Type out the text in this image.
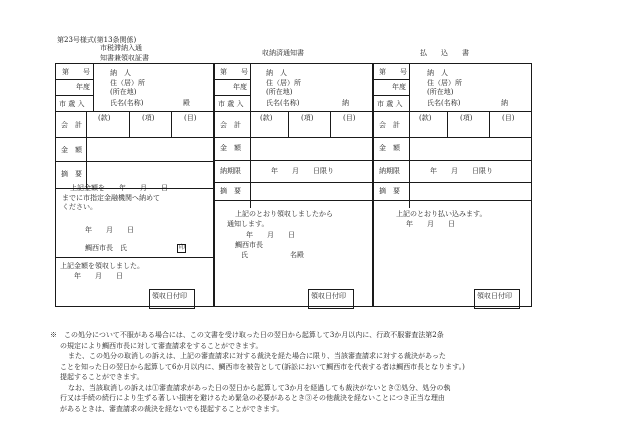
第23号様式(第13条関係)
市税滞納入通
知書兼領収証書
収納済通知書	払　　込　　書
第　　号
年度
市 歳 入
納　人
住（居）所
(所在地)
氏名(名称)	殿
会　計
(款)	(項)	(目)
金　額
摘　要
上記金額を　　年　　月　　日
までに市指定金融機関へ納めて
ください。
年　　月　　日
鯛西市長　氏	印
上記金額を領収しました。
年　　月　　日
領収日付印
第　　号
年度
市 歳 入
納　人
住（居）所
(所在地)
氏名(名称)	納
会　計
(款)	(項)	(目)
金　額
納期限	年　　月　　日限り
摘　要
上記のとおり領収しましたから
通知します。
年　　月　　日
鯛西市長
氏　　　　　　名殿
領収日付印
第　　号
年度
市 歳 入
納　人
住（居）所
(所在地)
氏名(名称)	納
会　計
(款)	(項)	(目)
金　額
納期限	年　　月　　日限り
摘　要
上記のとおり払い込みます。
年　　月　　日
領収日付印

※　この処分について不服がある場合には、この文書を受け取った日の翌日から起算して3か月以内に、行政不服審査法第2条

の規定により鯛西市長に対して審査請求をすることができます。

また、この処分の取消しの訴えは、上記の審査請求に対する裁決を経た場合に限り、当該審査請求に対する裁決があった

ことを知った日の翌日から起算して6か月以内に、鯛西市を被告として(訴訟において鯛西市を代表する者は鯛西市長となります。)

提起することができます。

なお、当該取消しの訴えは①審査請求があった日の翌日から起算して3か月を経過しても裁決がないとき②処分、処分の執

行又は手続の続行により生ずる著しい損害を避けるため緊急の必要があるとき③その他裁決を経ないことにつき正当な理由

があるときは、審査請求の裁決を経ないでも提起することができます。
